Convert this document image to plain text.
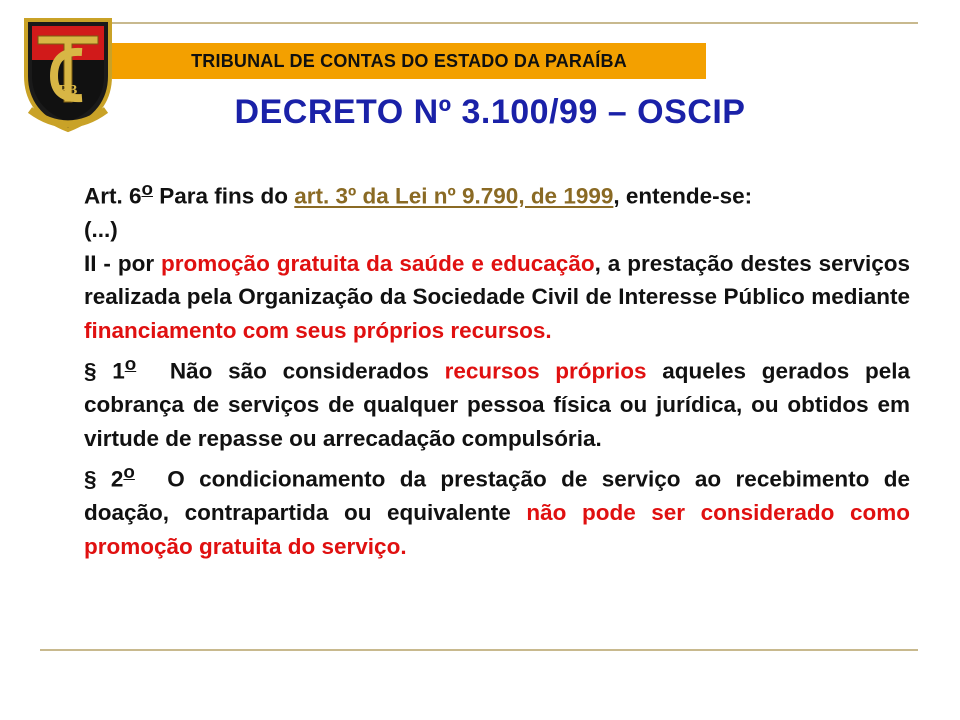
PB
TRIBUNAL DE CONTAS DO ESTADO DA PARAÍBA
DECRETO Nº 3.100/99 – OSCIP

Art. 6$^o$ Para fins do art. 3º da Lei nº 9.790, de 1999, entende-se:

(...)

II - por promoção gratuita da saúde e educação, a prestação destes serviços realizada pela Organização da Sociedade Civil de Interesse Público mediante financiamento com seus próprios recursos.

§ 1$^o$ Não são considerados recursos próprios aqueles gerados pela cobrança de serviços de qualquer pessoa física ou jurídica, ou obtidos em virtude de repasse ou arrecadação compulsória.

§ 2$^o$ O condicionamento da prestação de serviço ao recebimento de doação, contrapartida ou equivalente não pode ser considerado como promoção gratuita do serviço.
